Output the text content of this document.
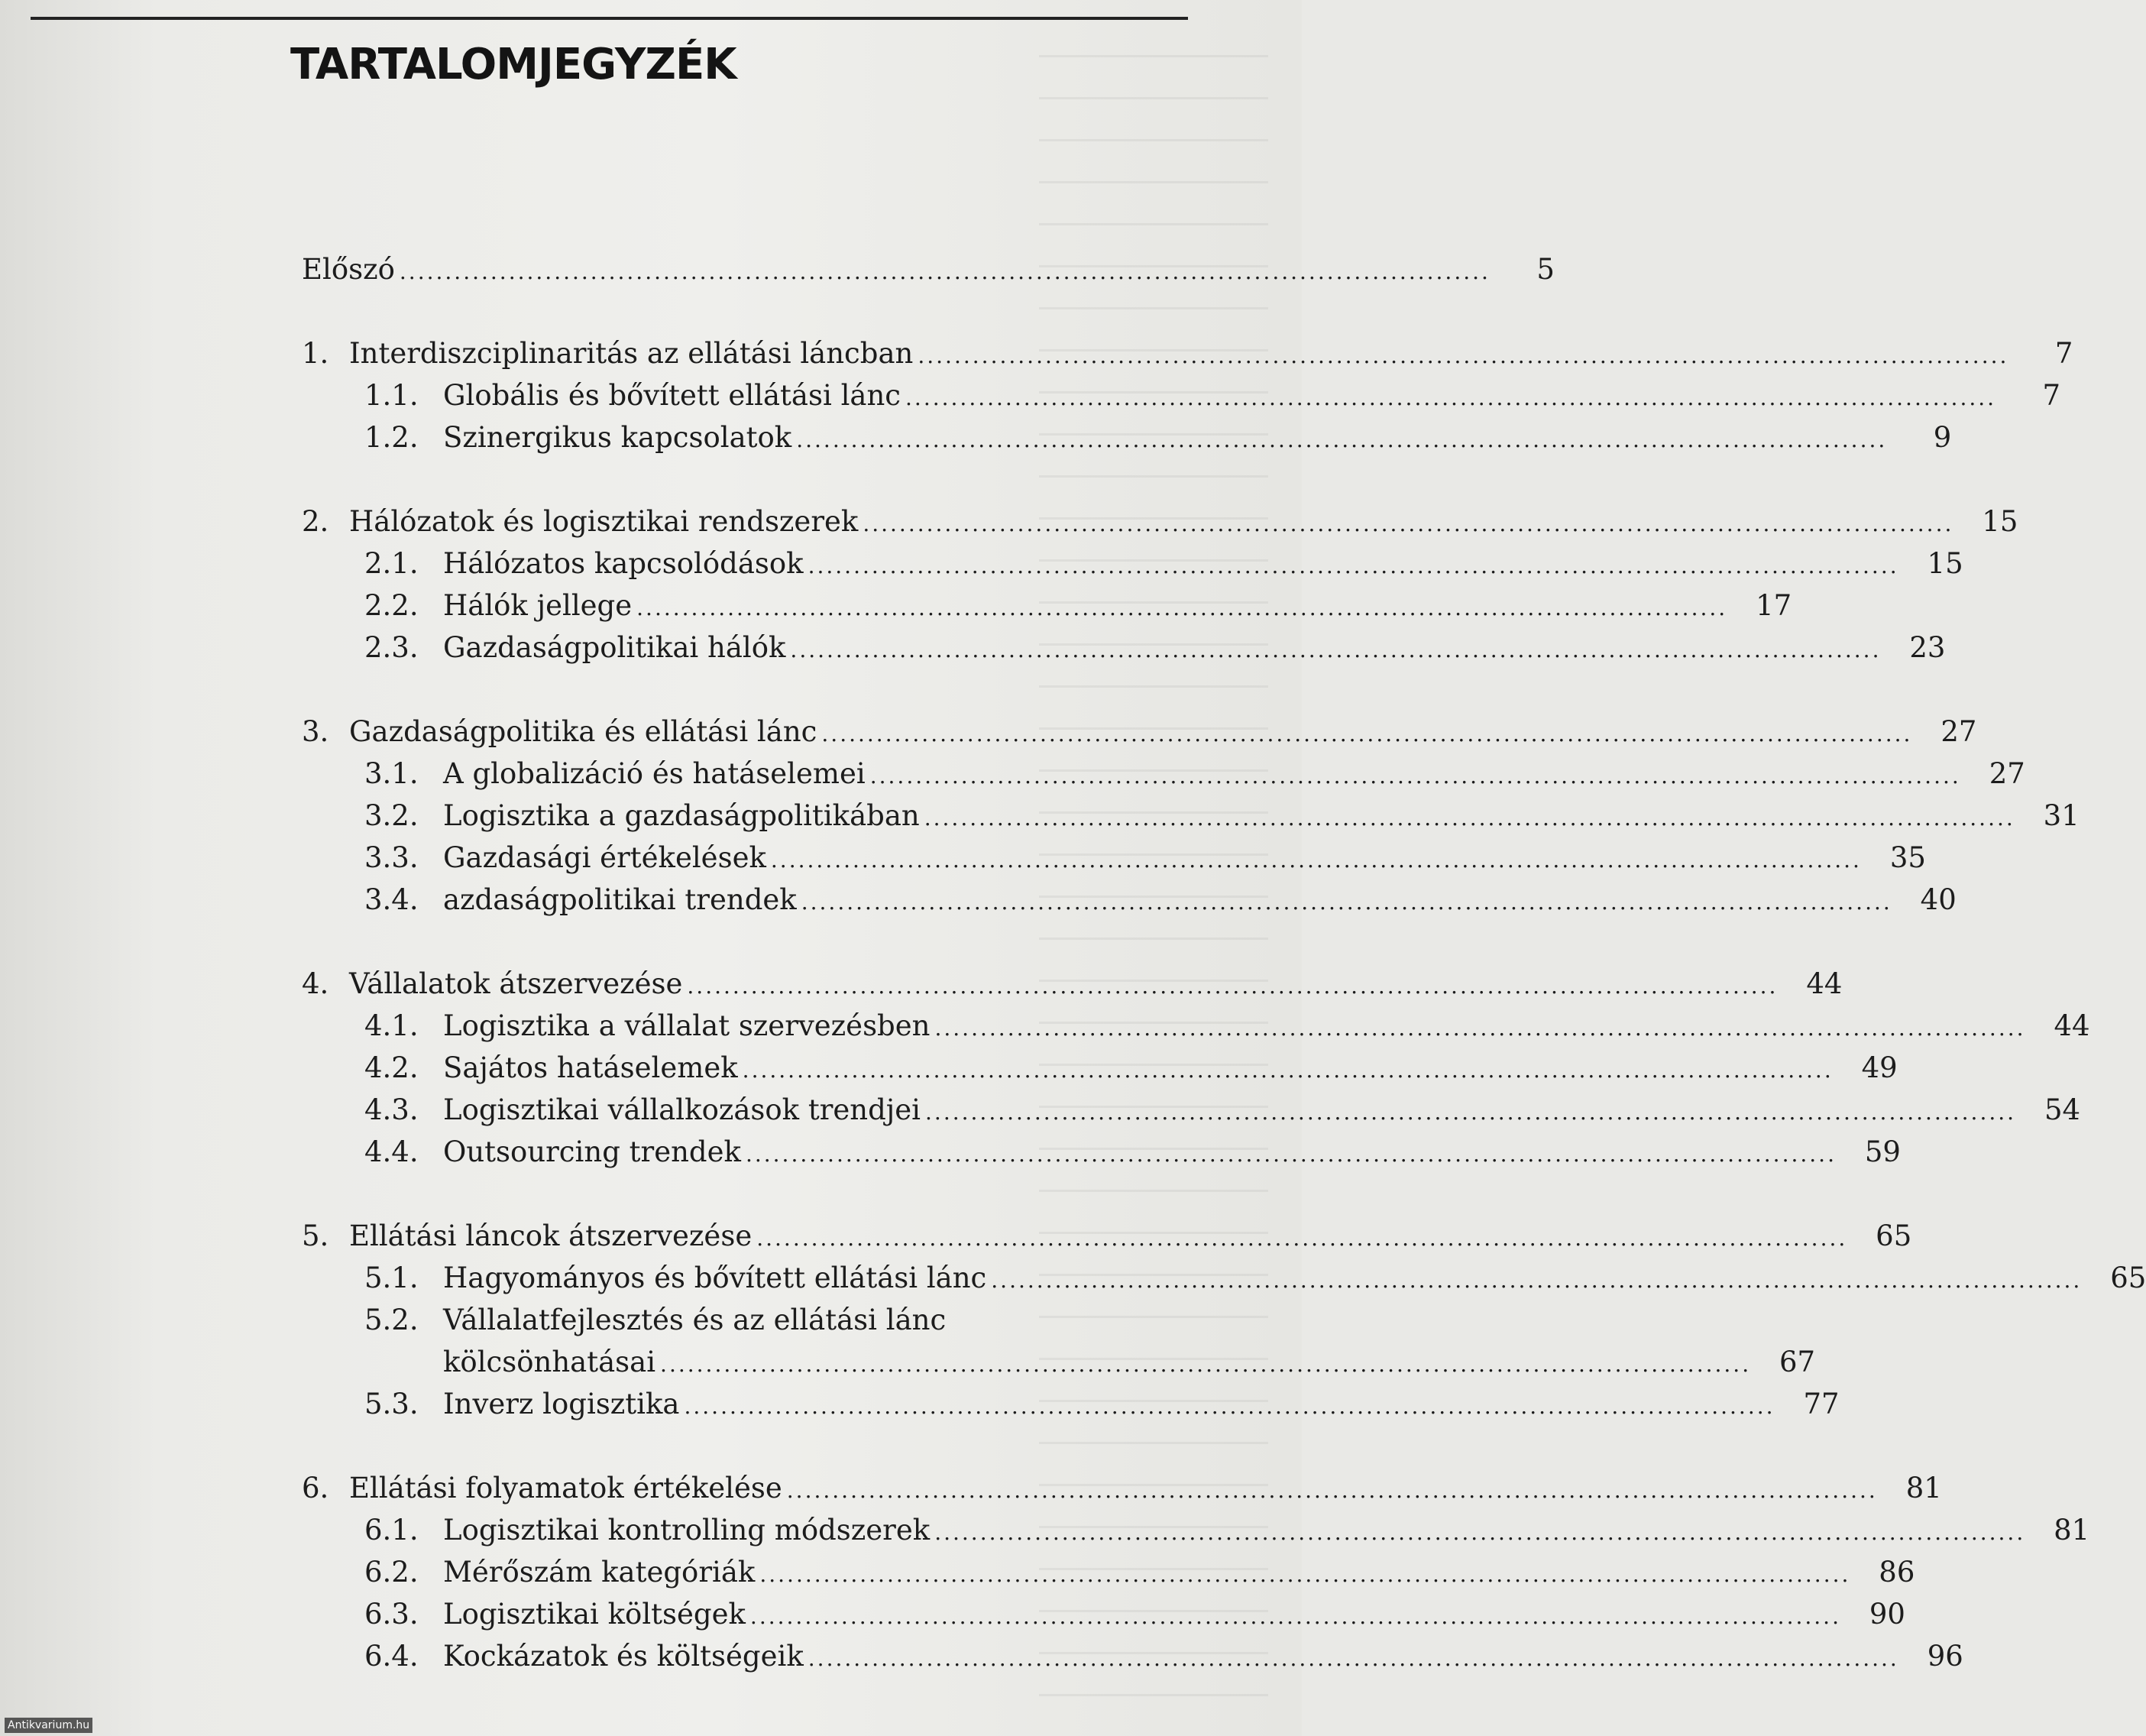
TARTALOMJEGYZÉK
Előszó ........................................................................................................................	5
1. Interdiszciplinaritás az ellátási láncban ........................................................................................................................	7
1.1. Globális és bővített ellátási lánc ........................................................................................................................	7
1.2. Szinergikus kapcsolatok ........................................................................................................................	9
2. Hálózatok és logisztikai rendszerek ........................................................................................................................ 15
2.1. Hálózatos kapcsolódások ........................................................................................................................ 15
2.2. Hálók jellege ........................................................................................................................ 17
2.3. Gazdaságpolitikai hálók ........................................................................................................................ 23
3. Gazdaságpolitika és ellátási lánc ........................................................................................................................ 27
3.1. A globalizáció és hatáselemei ........................................................................................................................ 27
3.2. Logisztika a gazdaságpolitikában ........................................................................................................................ 31
3.3. Gazdasági értékelések ........................................................................................................................ 35
3.4. azdaságpolitikai trendek ........................................................................................................................ 40
4. Vállalatok átszervezése ........................................................................................................................ 44
4.1. Logisztika a vállalat szervezésben ........................................................................................................................ 44
4.2. Sajátos hatáselemek ........................................................................................................................ 49
4.3. Logisztikai vállalkozások trendjei ........................................................................................................................ 54
4.4. Outsourcing trendek ........................................................................................................................ 59
5. Ellátási láncok átszervezése ........................................................................................................................ 65
5.1. Hagyományos és bővített ellátási lánc ........................................................................................................................ 65
5.2. Vállalatfejlesztés és az ellátási lánc
kölcsönhatásai ........................................................................................................................ 67
5.3. Inverz logisztika ........................................................................................................................ 77
6. Ellátási folyamatok értékelése ........................................................................................................................ 81
6.1. Logisztikai kontrolling módszerek ........................................................................................................................ 81
6.2. Mérőszám kategóriák ........................................................................................................................ 86
6.3. Logisztikai költségek ........................................................................................................................ 90
6.4. Kockázatok és költségeik ........................................................................................................................ 96
Antikvarium.hu
